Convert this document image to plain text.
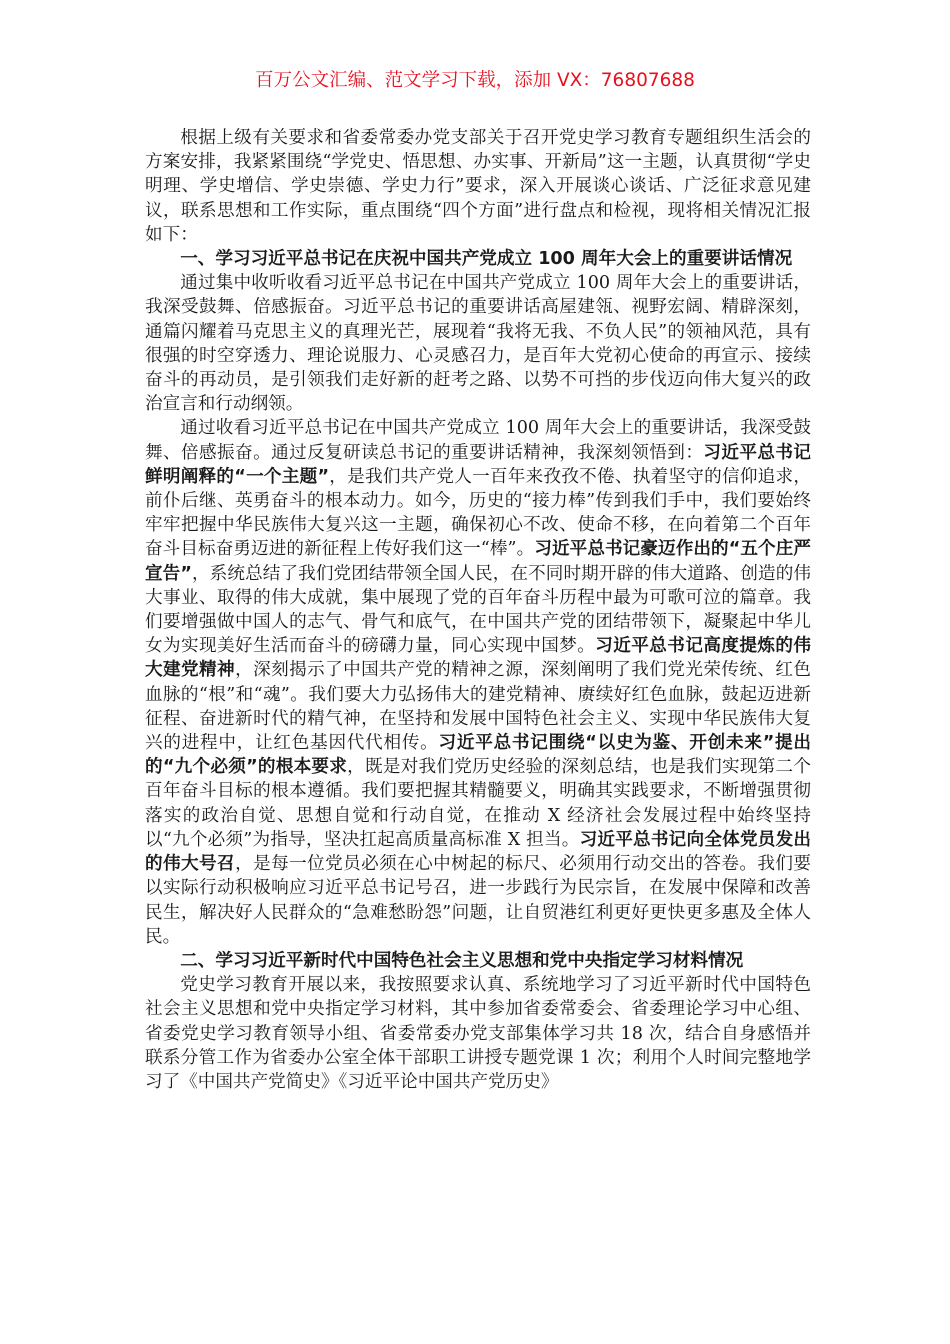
百万公文汇编、范文学习下载，添加 VX：76807688

根据上级有关要求和省委常委办党支部关于召开党史学习教育专题组织生活会的方案安排，我紧紧围绕“学党史、悟思想、办实事、开新局”这一主题，认真贯彻“学史明理、学史增信、学史崇德、学史力行”要求，深入开展谈心谈话、广泛征求意见建议，联系思想和工作实际，重点围绕“四个方面”进行盘点和检视，现将相关情况汇报如下：

一、学习习近平总书记在庆祝中国共产党成立 100 周年大会上的重要讲话情况

通过集中收听收看习近平总书记在中国共产党成立 100 周年大会上的重要讲话，我深受鼓舞、倍感振奋。习近平总书记的重要讲话高屋建瓴、视野宏阔、精辟深刻，通篇闪耀着马克思主义的真理光芒，展现着“我将无我、不负人民”的领袖风范，具有很强的时空穿透力、理论说服力、心灵感召力，是百年大党初心使命的再宣示、接续奋斗的再动员，是引领我们走好新的赶考之路、以势不可挡的步伐迈向伟大复兴的政治宣言和行动纲领。

通过收看习近平总书记在中国共产党成立 100 周年大会上的重要讲话，我深受鼓舞、倍感振奋。通过反复研读总书记的重要讲话精神，我深刻领悟到：习近平总书记鲜明阐释的“一个主题”，是我们共产党人一百年来孜孜不倦、执着坚守的信仰追求，前仆后继、英勇奋斗的根本动力。如今，历史的“接力棒”传到我们手中，我们要始终牢牢把握中华民族伟大复兴这一主题，确保初心不改、使命不移，在向着第二个百年奋斗目标奋勇迈进的新征程上传好我们这一“棒”。习近平总书记豪迈作出的“五个庄严宣告”，系统总结了我们党团结带领全国人民，在不同时期开辟的伟大道路、创造的伟大事业、取得的伟大成就，集中展现了党的百年奋斗历程中最为可歌可泣的篇章。我们要增强做中国人的志气、骨气和底气，在中国共产党的团结带领下，凝聚起中华儿女为实现美好生活而奋斗的磅礴力量，同心实现中国梦。习近平总书记高度提炼的伟大建党精神，深刻揭示了中国共产党的精神之源，深刻阐明了我们党光荣传统、红色血脉的“根”和“魂”。我们要大力弘扬伟大的建党精神、赓续好红色血脉，鼓起迈进新征程、奋进新时代的精气神，在坚持和发展中国特色社会主义、实现中华民族伟大复兴的进程中，让红色基因代代相传。习近平总书记围绕“以史为鉴、开创未来”提出的“九个必须”的根本要求，既是对我们党历史经验的深刻总结，也是我们实现第二个百年奋斗目标的根本遵循。我们要把握其精髓要义，明确其实践要求，不断增强贯彻落实的政治自觉、思想自觉和行动自觉，在推动 X 经济社会发展过程中始终坚持以“九个必须”为指导，坚决扛起高质量高标准 X 担当。习近平总书记向全体党员发出的伟大号召，是每一位党员必须在心中树起的标尺、必须用行动交出的答卷。我们要以实际行动积极响应习近平总书记号召，进一步践行为民宗旨，在发展中保障和改善民生，解决好人民群众的“急难愁盼怨”问题，让自贸港红利更好更快更多惠及全体人民。

二、学习习近平新时代中国特色社会主义思想和党中央指定学习材料情况

党史学习教育开展以来，我按照要求认真、系统地学习了习近平新时代中国特色社会主义思想和党中央指定学习材料，其中参加省委常委会、省委理论学习中心组、省委党史学习教育领导小组、省委常委办党支部集体学习共 18 次，结合自身感悟并联系分管工作为省委办公室全体干部职工讲授专题党课 1 次；利用个人时间完整地学习了《中国共产党简史》《习近平论中国共产党历史》
